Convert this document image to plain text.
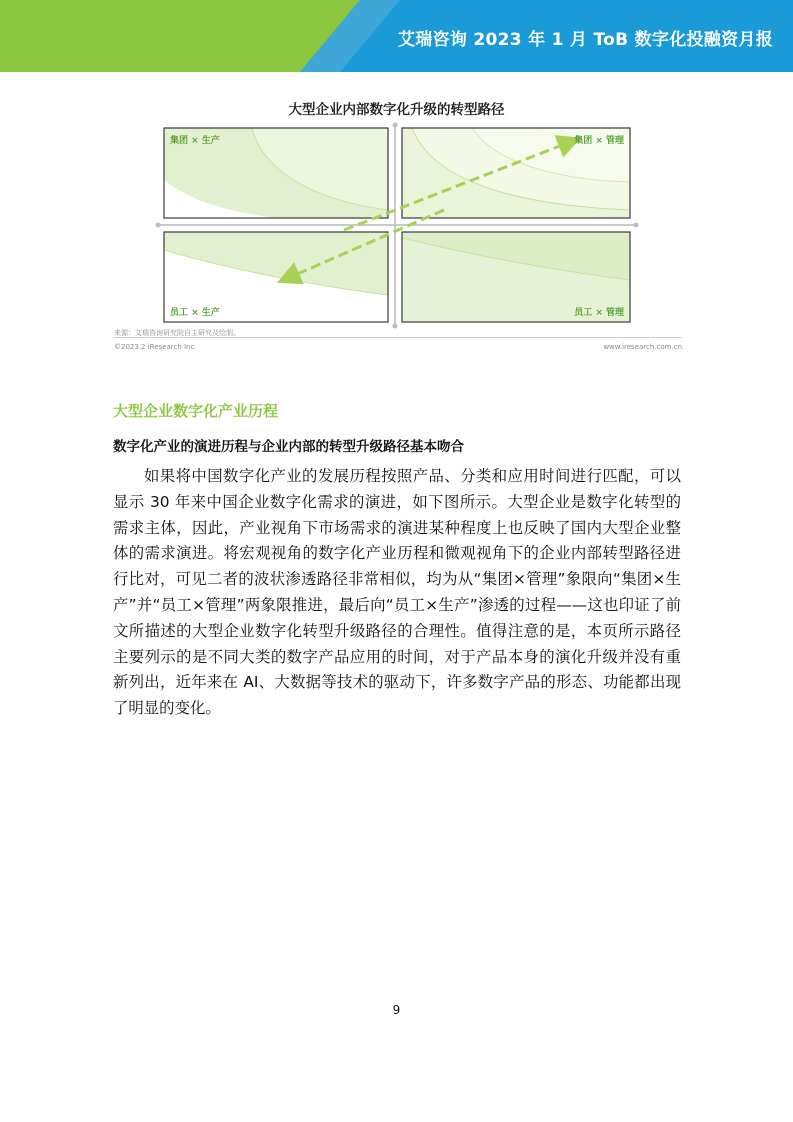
艾瑞咨询 2023 年 1 月 ToB 数字化投融资月报
大型企业内部数字化升级的转型路径
集团 × 生产	集团 × 管理
员工 × 生产	员工 × 管理
来源：艾瑞咨询研究院自主研究及绘制。
©2023.2 iResearch Inc.	www.iresearch.com.cn
大型企业数字化产业历程
数字化产业的演进历程与企业内部的转型升级路径基本吻合

如果将中国数字化产业的发展历程按照产品、分类和应用时间进行匹配，可以显示 30 年来中国企业数字化需求的演进，如下图所示。大型企业是数字化转型的需求主体，因此，产业视角下市场需求的演进某种程度上也反映了国内大型企业整体的需求演进。将宏观视角的数字化产业历程和微观视角下的企业内部转型路径进行比对，可见二者的波状渗透路径非常相似，均为从“集团×管理”象限向“集团×生产”并“员工×管理”两象限推进，最后向“员工×生产”渗透的过程——这也印证了前文所描述的大型企业数字化转型升级路径的合理性。值得注意的是，本页所示路径主要列示的是不同大类的数字产品应用的时间，对于产品本身的演化升级并没有重新列出，近年来在 AI、大数据等技术的驱动下，许多数字产品的形态、功能都出现了明显的变化。

9
